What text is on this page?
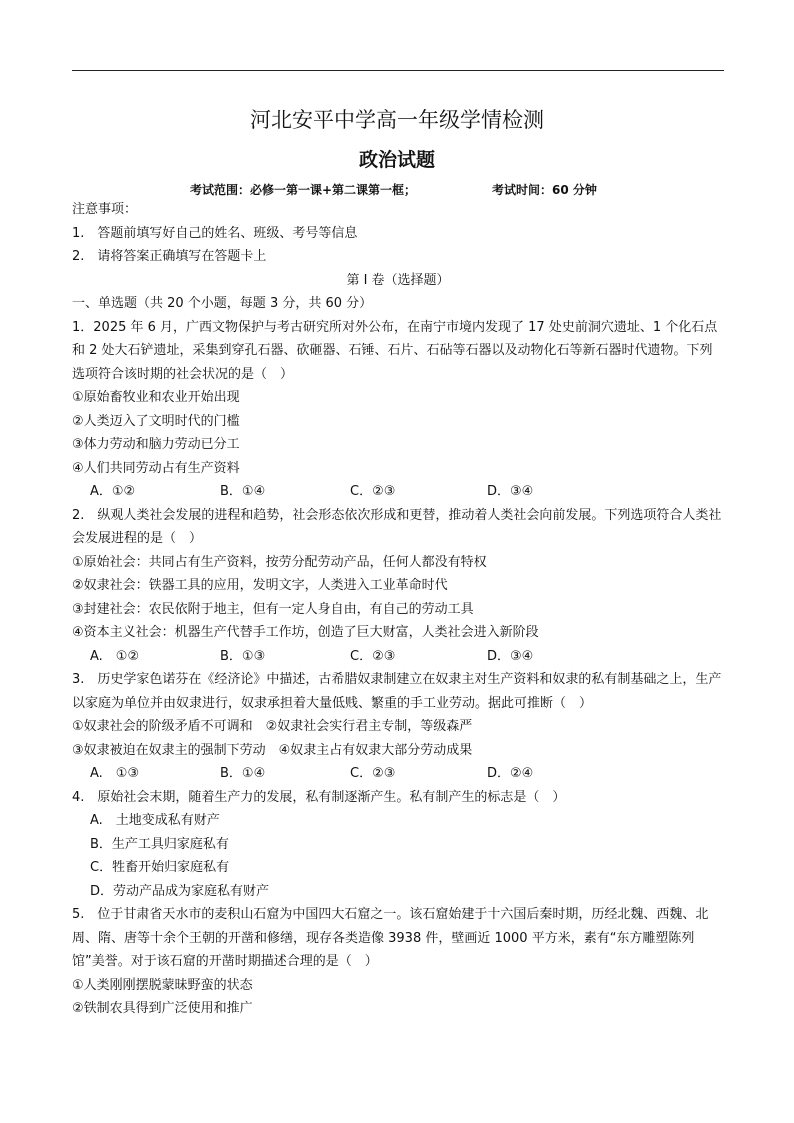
河北安平中学高一年级学情检测
政治试题
考试范围：必修一第一课+第二课第一框；	考试时间：60 分钟
注意事项：
1.　答题前填写好自己的姓名、班级、考号等信息
2.　请将答案正确填写在答题卡上
第 I 卷（选择题）
一、单选题（共 20 个小题，每题 3 分，共 60 分）
1．2025 年 6 月，广西文物保护与考古研究所对外公布，在南宁市境内发现了 17 处史前洞穴遗址、1 个化石点和 2 处大石铲遗址，采集到穿孔石器、砍砸器、石锤、石片、石砧等石器以及动物化石等新石器时代遗物。下列选项符合该时期的社会状况的是（　）
①原始畜牧业和农业开始出现
②人类迈入了文明时代的门槛
③体力劳动和脑力劳动已分工
④人们共同劳动占有生产资料
A．①②	B．①④	C．②③	D．③④
2.　纵观人类社会发展的进程和趋势，社会形态依次形成和更替，推动着人类社会向前发展。下列选项符合人类社会发展进程的是（　）
①原始社会：共同占有生产资料，按劳分配劳动产品，任何人都没有特权
②奴隶社会：铁器工具的应用，发明文字，人类进入工业革命时代
③封建社会：农民依附于地主，但有一定人身自由，有自己的劳动工具
④资本主义社会：机器生产代替手工作坊，创造了巨大财富，人类社会进入新阶段
A.　①②	B．①③	C．②③	D．③④
3.　历史学家色诺芬在《经济论》中描述，古希腊奴隶制建立在奴隶主对生产资料和奴隶的私有制基础之上，生产以家庭为单位并由奴隶进行，奴隶承担着大量低贱、繁重的手工业劳动。据此可推断（　）
①奴隶社会的阶级矛盾不可调和　②奴隶社会实行君主专制，等级森严
③奴隶被迫在奴隶主的强制下劳动　④奴隶主占有奴隶大部分劳动成果
A.　①③	B．①④	C．②③	D．②④
4.　原始社会末期，随着生产力的发展，私有制逐渐产生。私有制产生的标志是（　）
A.　土地变成私有财产
B．生产工具归家庭私有
C．牲畜开始归家庭私有
D．劳动产品成为家庭私有财产
5.　位于甘肃省天水市的麦积山石窟为中国四大石窟之一。该石窟始建于十六国后秦时期，历经北魏、西魏、北周、隋、唐等十余个王朝的开凿和修缮，现存各类造像 3938 件，壁画近 1000 平方米，素有“东方雕塑陈列馆”美誉。对于该石窟的开凿时期描述合理的是（　）
①人类刚刚摆脱蒙昧野蛮的状态
②铁制农具得到广泛使用和推广
